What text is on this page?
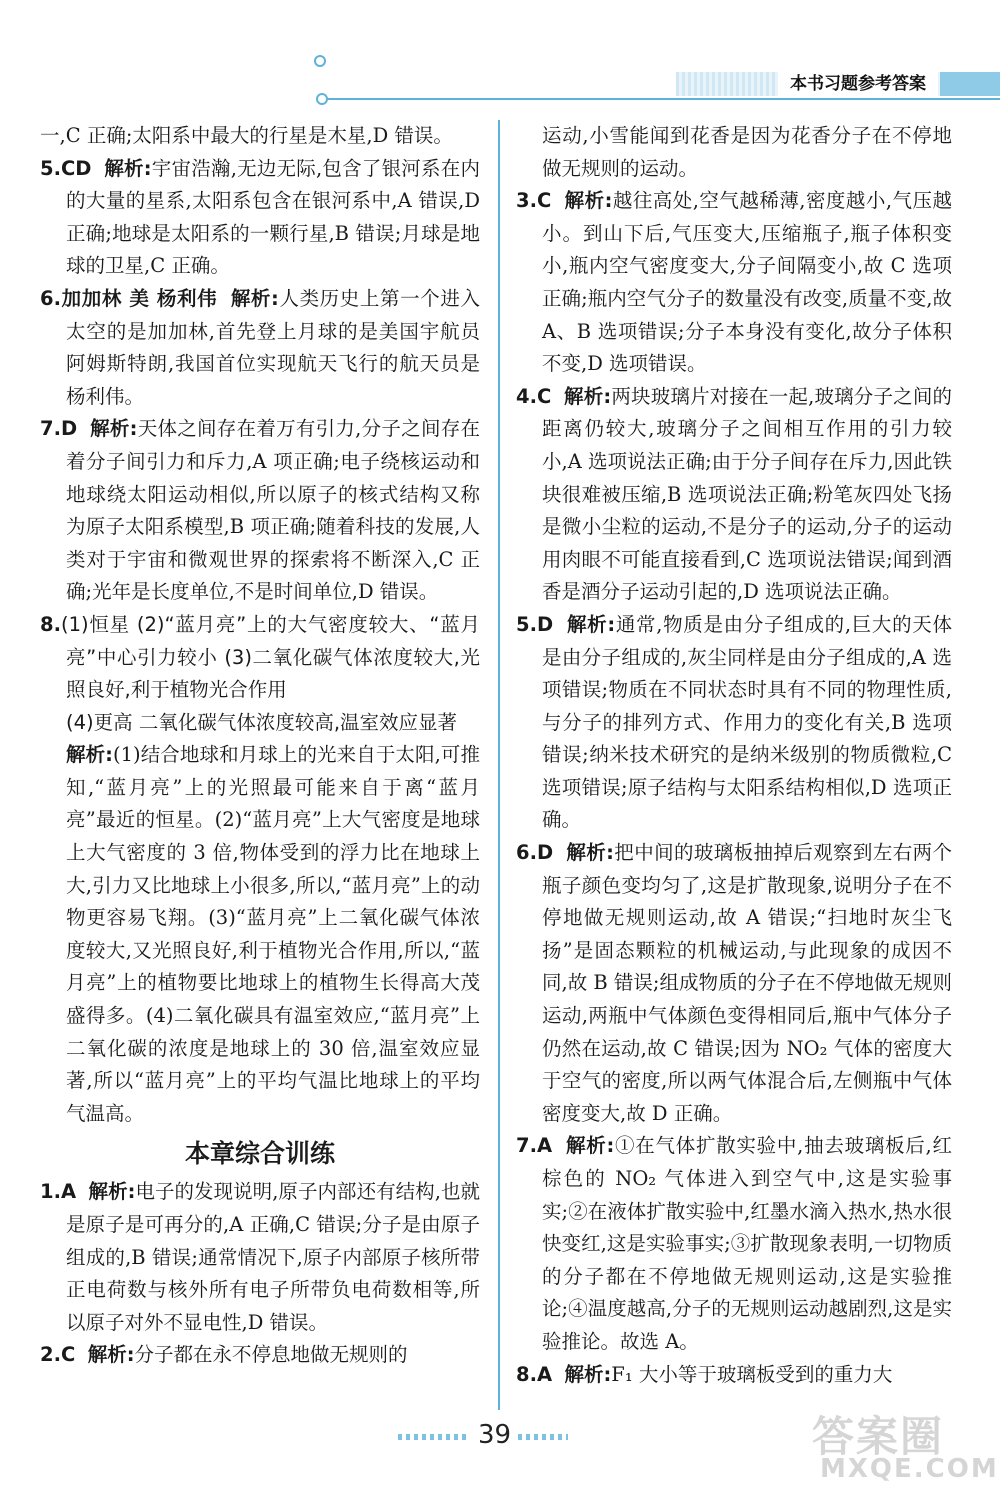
本书习题参考答案

一,C 正确;太阳系中最大的行星是木星,D 错误。

5.CD 解析:宇宙浩瀚,无边无际,包含了银河系在内的大量的星系,太阳系包含在银河系中,A 错误,D 正确;地球是太阳系的一颗行星,B 错误;月球是地球的卫星,C 正确。

6.加加林 美 杨利伟 解析:人类历史上第一个进入太空的是加加林,首先登上月球的是美国宇航员阿姆斯特朗,我国首位实现航天飞行的航天员是杨利伟。

7.D 解析:天体之间存在着万有引力,分子之间存在着分子间引力和斥力,A 项正确;电子绕核运动和地球绕太阳运动相似,所以原子的核式结构又称为原子太阳系模型,B 项正确;随着科技的发展,人类对于宇宙和微观世界的探索将不断深入,C 正确;光年是长度单位,不是时间单位,D 错误。

8.(1)恒星 (2)“蓝月亮”上的大气密度较大、“蓝月亮”中心引力较小 (3)二氧化碳气体浓度较大,光照良好,利于植物光合作用

(4)更高 二氧化碳气体浓度较高,温室效应显著

解析:(1)结合地球和月球上的光来自于太阳,可推知,“蓝月亮”上的光照最可能来自于离“蓝月亮”最近的恒星。(2)“蓝月亮”上大气密度是地球上大气密度的 3 倍,物体受到的浮力比在地球上大,引力又比地球上小很多,所以,“蓝月亮”上的动物更容易飞翔。(3)“蓝月亮”上二氧化碳气体浓度较大,又光照良好,利于植物光合作用,所以,“蓝月亮”上的植物要比地球上的植物生长得高大茂盛得多。(4)二氧化碳具有温室效应,“蓝月亮”上二氧化碳的浓度是地球上的 30 倍,温室效应显著,所以“蓝月亮”上的平均气温比地球上的平均气温高。

本章综合训练

1.A 解析:电子的发现说明,原子内部还有结构,也就是原子是可再分的,A 正确,C 错误;分子是由原子组成的,B 错误;通常情况下,原子内部原子核所带正电荷数与核外所有电子所带负电荷数相等,所以原子对外不显电性,D 错误。

2.C 解析:分子都在永不停息地做无规则的

运动,小雪能闻到花香是因为花香分子在不停地做无规则的运动。

3.C 解析:越往高处,空气越稀薄,密度越小,气压越小。到山下后,气压变大,压缩瓶子,瓶子体积变小,瓶内空气密度变大,分子间隔变小,故 C 选项正确;瓶内空气分子的数量没有改变,质量不变,故 A、B 选项错误;分子本身没有变化,故分子体积不变,D 选项错误。

4.C 解析:两块玻璃片对接在一起,玻璃分子之间的距离仍较大,玻璃分子之间相互作用的引力较小,A 选项说法正确;由于分子间存在斥力,因此铁块很难被压缩,B 选项说法正确;粉笔灰四处飞扬是微小尘粒的运动,不是分子的运动,分子的运动用肉眼不可能直接看到,C 选项说法错误;闻到酒香是酒分子运动引起的,D 选项说法正确。

5.D 解析:通常,物质是由分子组成的,巨大的天体是由分子组成的,灰尘同样是由分子组成的,A 选项错误;物质在不同状态时具有不同的物理性质,与分子的排列方式、作用力的变化有关,B 选项错误;纳米技术研究的是纳米级别的物质微粒,C 选项错误;原子结构与太阳系结构相似,D 选项正确。

6.D 解析:把中间的玻璃板抽掉后观察到左右两个瓶子颜色变均匀了,这是扩散现象,说明分子在不停地做无规则运动,故 A 错误;“扫地时灰尘飞扬”是固态颗粒的机械运动,与此现象的成因不同,故 B 错误;组成物质的分子在不停地做无规则运动,两瓶中气体颜色变得相同后,瓶中气体分子仍然在运动,故 C 错误;因为 NO₂ 气体的密度大于空气的密度,所以两气体混合后,左侧瓶中气体密度变大,故 D 正确。

7.A 解析:①在气体扩散实验中,抽去玻璃板后,红棕色的 NO₂ 气体进入到空气中,这是实验事实;②在液体扩散实验中,红墨水滴入热水,热水很快变红,这是实验事实;③扩散现象表明,一切物质的分子都在不停地做无规则运动,这是实验推论;④温度越高,分子的无规则运动越剧烈,这是实验推论。故选 A。

8.A 解析:F₁ 大小等于玻璃板受到的重力大

39	答案圈
MXQE.COM
